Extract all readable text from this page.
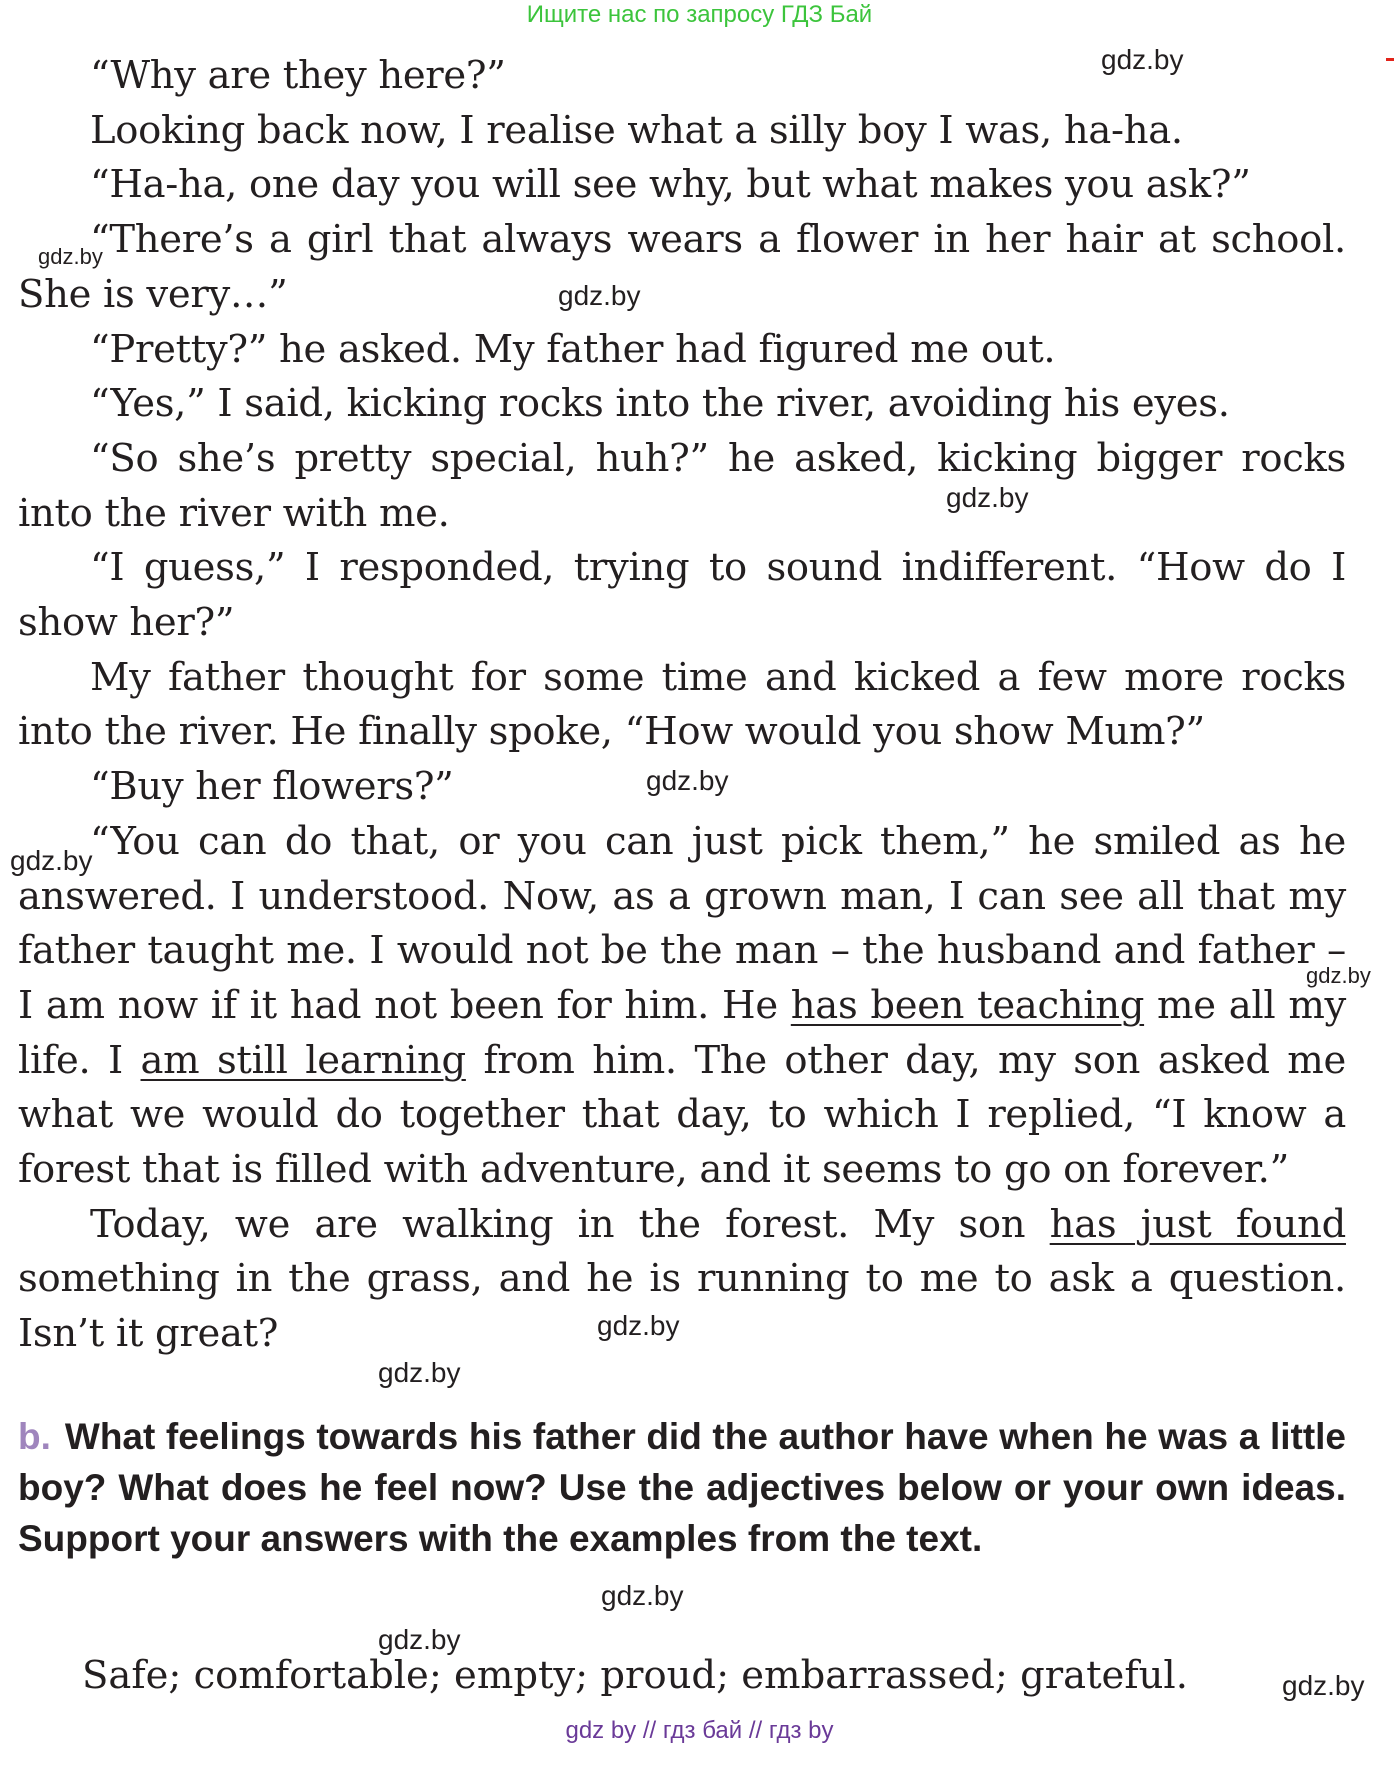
Ищите нас по запросу ГДЗ Бай

“Why are they here?”

Looking back now, I realise what a silly boy I was, ha-ha.

“Ha-ha, one day you will see why, but what makes you ask?”

“There’s a girl that always wears a flower in her hair at school. She is very…”

“Pretty?” he asked. My father had figured me out.

“Yes,” I said, kicking rocks into the river, avoiding his eyes.

“So she’s pretty special, huh?” he asked, kicking bigger rocks into the river with me.

“I guess,” I responded, trying to sound indifferent. “How do I show her?”

My father thought for some time and kicked a few more rocks into the river. He finally spoke, “How would you show Mum?”

“Buy her flowers?”

“You can do that, or you can just pick them,” he smiled as he answered. I understood. Now, as a grown man, I can see all that my father taught me. I would not be the man – the husband and father – I am now if it had not been for him. He has been teaching me all my life. I am still learning from him. The other day, my son asked me what we would do together that day, to which I replied, “I know a forest that is filled with adventure, and it seems to go on forever.”

Today, we are walking in the forest. My son has just found something in the grass, and he is running to me to ask a question. Isn’t it great?

b. What feelings towards his father did the author have when he was a little boy? What does he feel now? Use the adjectives below or your own ideas. Support your answers with the examples from the text.
Safe; comfortable; empty; proud; embarrassed; grateful.
gdz.by
gdz.by
gdz.by
gdz.by
gdz.by
gdz.by
gdz.by
gdz.by
gdz.by
gdz.by
gdz.by
gdz.by
gdz by // гдз бай // гдз by
